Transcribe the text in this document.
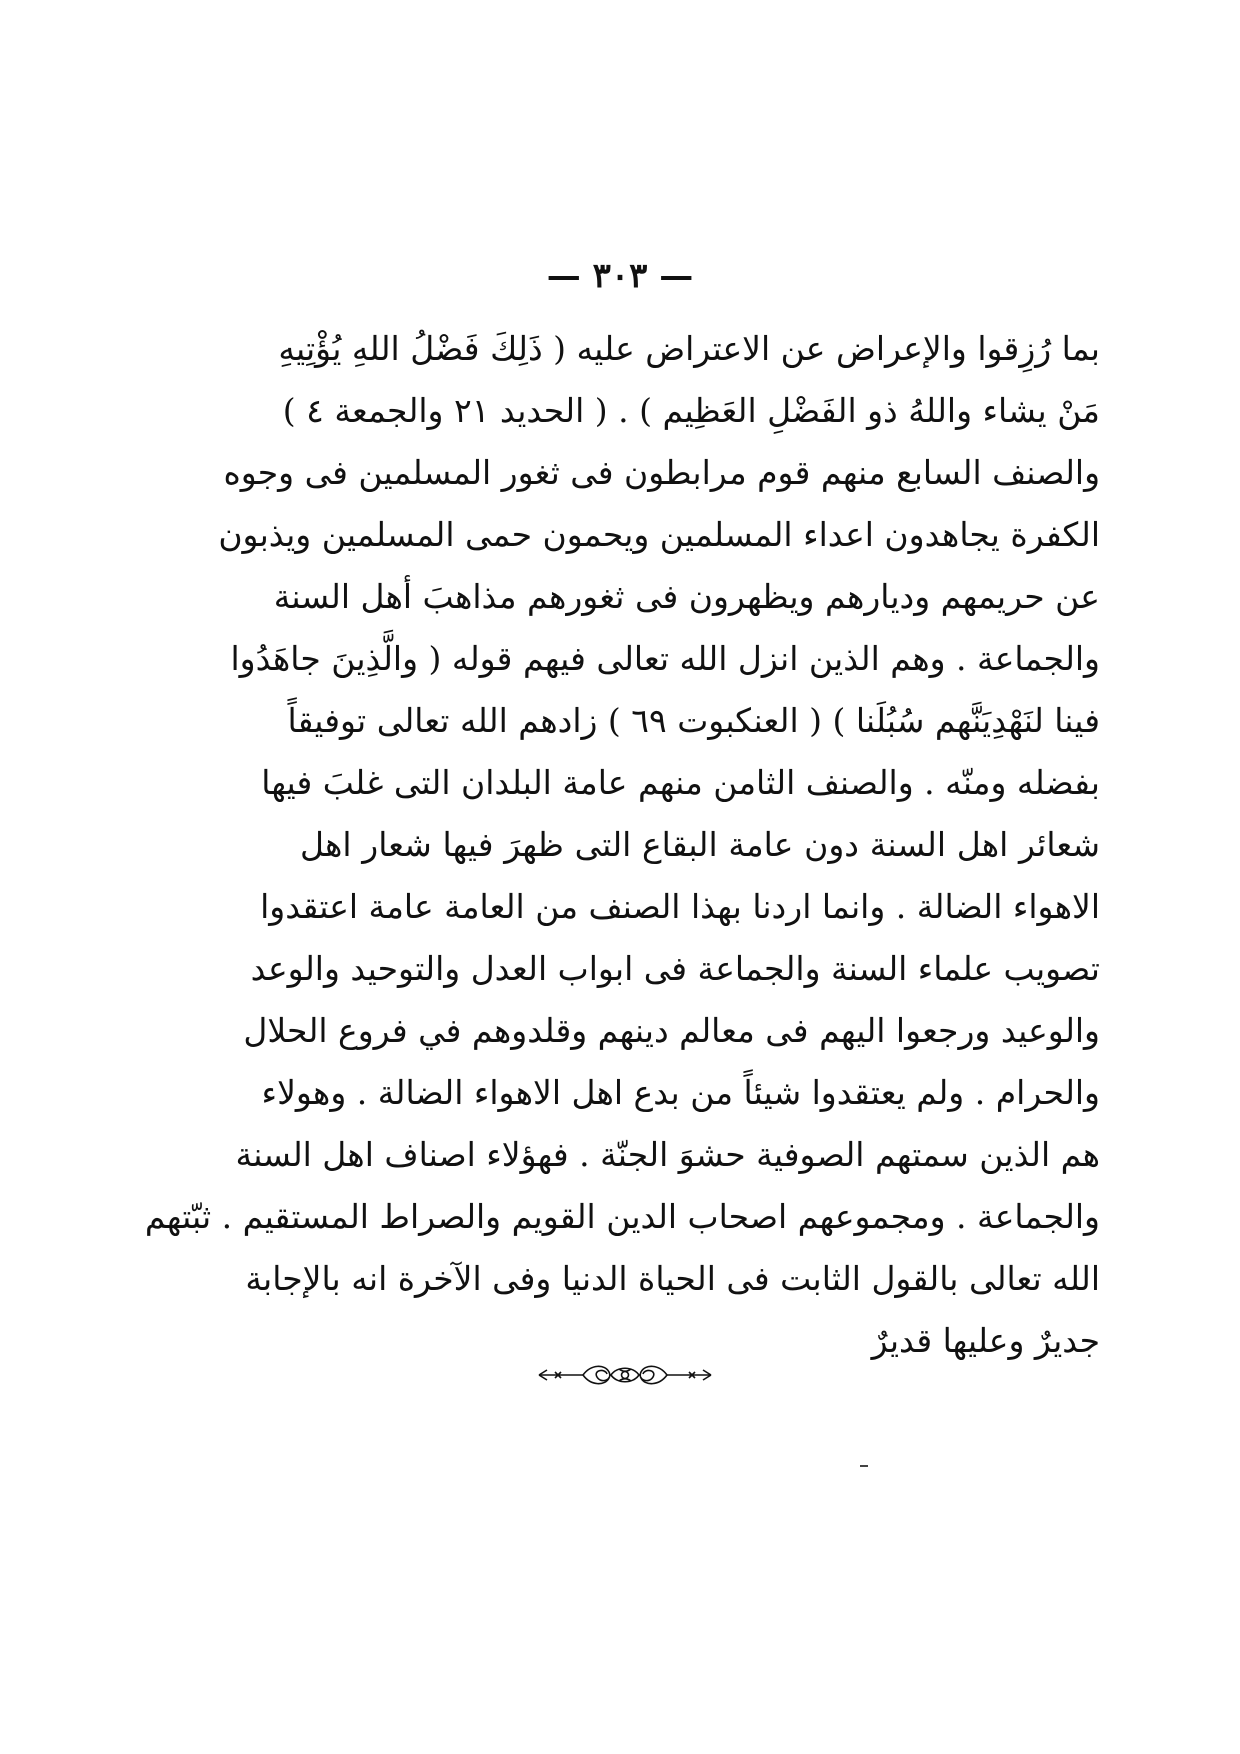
— ٣٠٣ —
بما رُزِقوا والإعراض عن الاعتراض عليه ( ذَلِكَ فَضْلُ اللهِ يُؤْتِيهِ
مَنْ يشاء واللهُ ذو الفَضْلِ العَظِيم ) . ( الحديد ٢١ والجمعة ٤ )
والصنف السابع منهم قوم مرابطون فى ثغور المسلمين فى وجوه
الكفرة يجاهدون اعداء المسلمين ويحمون حمى المسلمين ويذبون
عن حريمهم وديارهم ويظهرون فى ثغورهم مذاهبَ أهل السنة
والجماعة . وهم الذين انزل الله تعالى فيهم قوله ( والَّذِينَ جاهَدُوا
فينا لنَهْدِيَنَّهم سُبُلَنا ) ( العنكبوت ٦٩ ) زادهم الله تعالى توفيقاً
بفضله ومنّه . والصنف الثامن منهم عامة البلدان التى غلبَ فيها
شعائر اهل السنة دون عامة البقاع التى ظهرَ فيها شعار اهل
الاهواء الضالة . وانما اردنا بهذا الصنف من العامة عامة اعتقدوا
تصويب علماء السنة والجماعة فى ابواب العدل والتوحيد والوعد
والوعيد ورجعوا اليهم فى معالم دينهم وقلدوهم في فروع الحلال
والحرام . ولم يعتقدوا شيئاً من بدع اهل الاهواء الضالة . وهولاء
هم الذين سمتهم الصوفية حشوَ الجنّة . فهؤلاء اصناف اهل السنة
والجماعة . ومجموعهم اصحاب الدين القويم والصراط المستقيم . ثبّتهم
الله تعالى بالقول الثابت فى الحياة الدنيا وفى الآخرة انه بالإجابة
جديرٌ وعليها قديرٌ
